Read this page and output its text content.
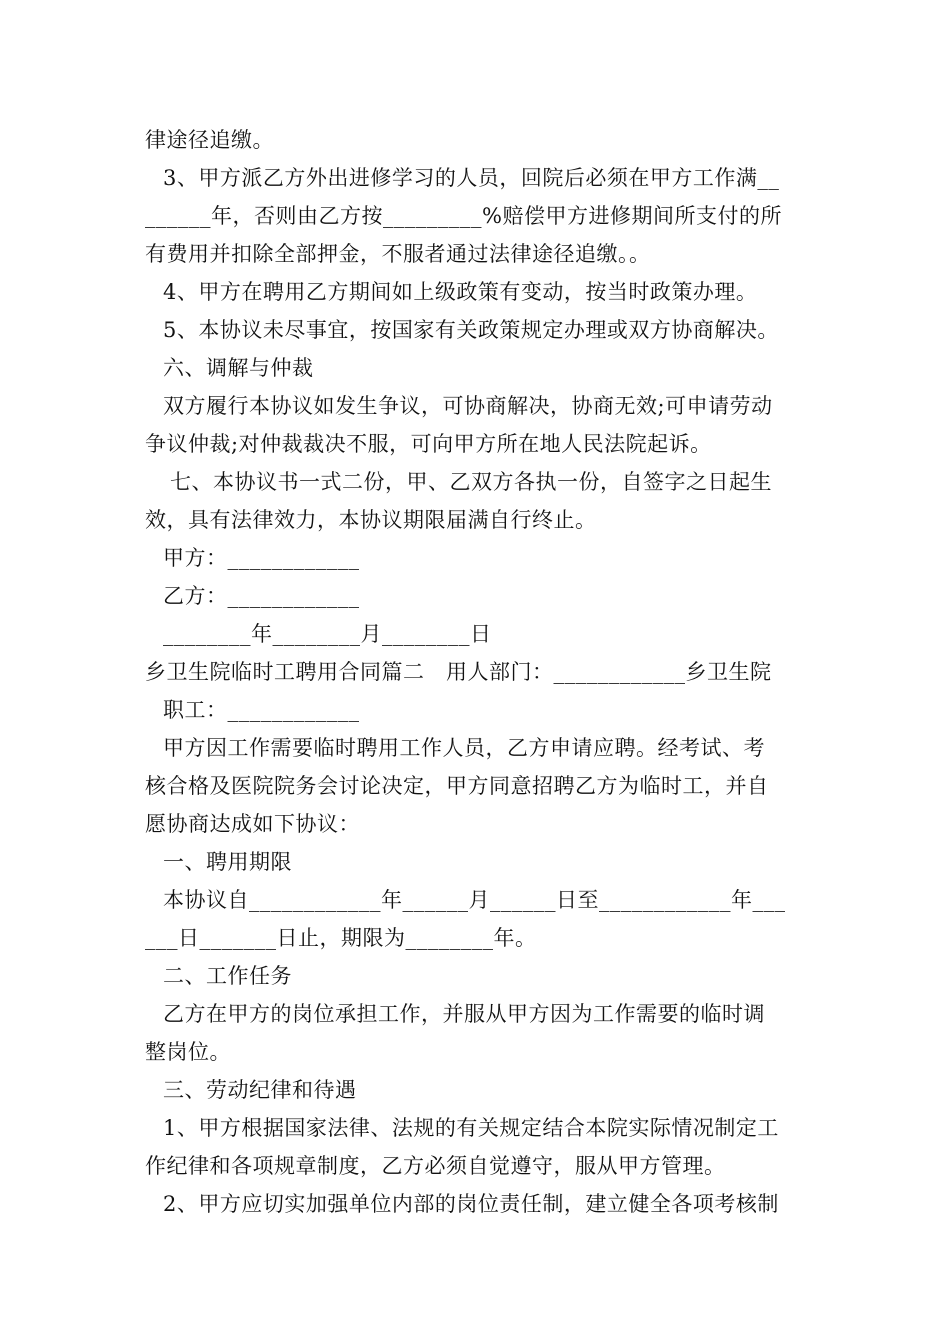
律途径追缴。
3、甲方派乙方外出进修学习的人员，回院后必须在甲方工作满__
______年，否则由乙方按_________%赔偿甲方进修期间所支付的所
有费用并扣除全部押金，不服者通过法律途径追缴。。
4、甲方在聘用乙方期间如上级政策有变动，按当时政策办理。
5、本协议未尽事宜，按国家有关政策规定办理或双方协商解决。
六、调解与仲裁
双方履行本协议如发生争议，可协商解决，协商无效;可申请劳动
争议仲裁;对仲裁裁决不服，可向甲方所在地人民法院起诉。
七、本协议书一式二份，甲、乙双方各执一份，自签字之日起生
效，具有法律效力，本协议期限届满自行终止。
甲方：____________
乙方：____________
________年________月________日
乡卫生院临时工聘用合同篇二   用人部门：____________乡卫生院
职工：____________
甲方因工作需要临时聘用工作人员，乙方申请应聘。经考试、考
核合格及医院院务会讨论决定，甲方同意招聘乙方为临时工，并自
愿协商达成如下协议：
一、聘用期限
本协议自____________年______月______日至____________年___
___日_______日止，期限为________年。
二、工作任务
乙方在甲方的岗位承担工作，并服从甲方因为工作需要的临时调
整岗位。
三、劳动纪律和待遇
1、甲方根据国家法律、法规的有关规定结合本院实际情况制定工
作纪律和各项规章制度，乙方必须自觉遵守，服从甲方管理。
2、甲方应切实加强单位内部的岗位责任制，建立健全各项考核制
